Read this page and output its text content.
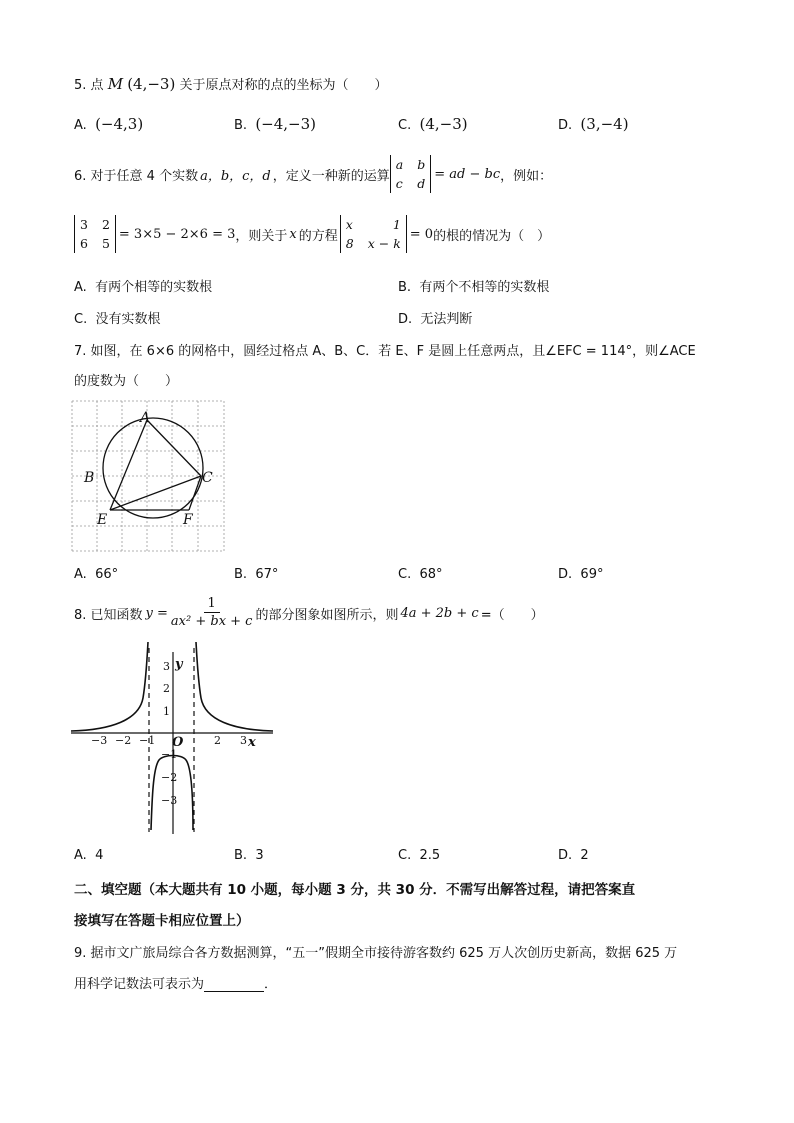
5. 点 M (4,−3) 关于原点对称的点的坐标为（　　）
A. (−4,3)	B. (−4,−3)	C. (4,−3)	D. (3,−4)
6. 对于任意 4 个实数 a，b，c，d ，定义一种新的运算
a b
c d
= ad − bc ，例如：
3 2
6 5
= 3×5 − 2×6 = 3 ，则关于 x 的方程
x	1
8 x − k
= 0 的根的情况为（　）
A. 有两个相等的实数根	B. 有两个不相等的实数根
C. 没有实数根	D. 无法判断
7. 如图，在 6×6 的网格中，圆经过格点 A、B、C．若 E、F 是圆上任意两点，且∠EFC = 114°，则∠ACE
的度数为（　　）
A
B	C
E	F
A. 66°	B. 67°	C. 68°	D. 69°
8. 已知函数 $y = \frac{1}{\text{ax² + bx + c}}$ 的部分图象如图所示，则 4a + 2b + c =（　　）
−3 −2 −1	2 3
3
2
1
−1
−2
−3
O	x
y
A. 4	B. 3	C. 2.5	D. 2
二、填空题（本大题共有 10 小题，每小题 3 分，共 30 分．不需写出解答过程，请把答案直
接填写在答题卡相应位置上）
9. 据市文广旅局综合各方数据测算，“五一”假期全市接待游客数约 625 万人次创历史新高，数据 625 万
用科学记数法可表示为	．
